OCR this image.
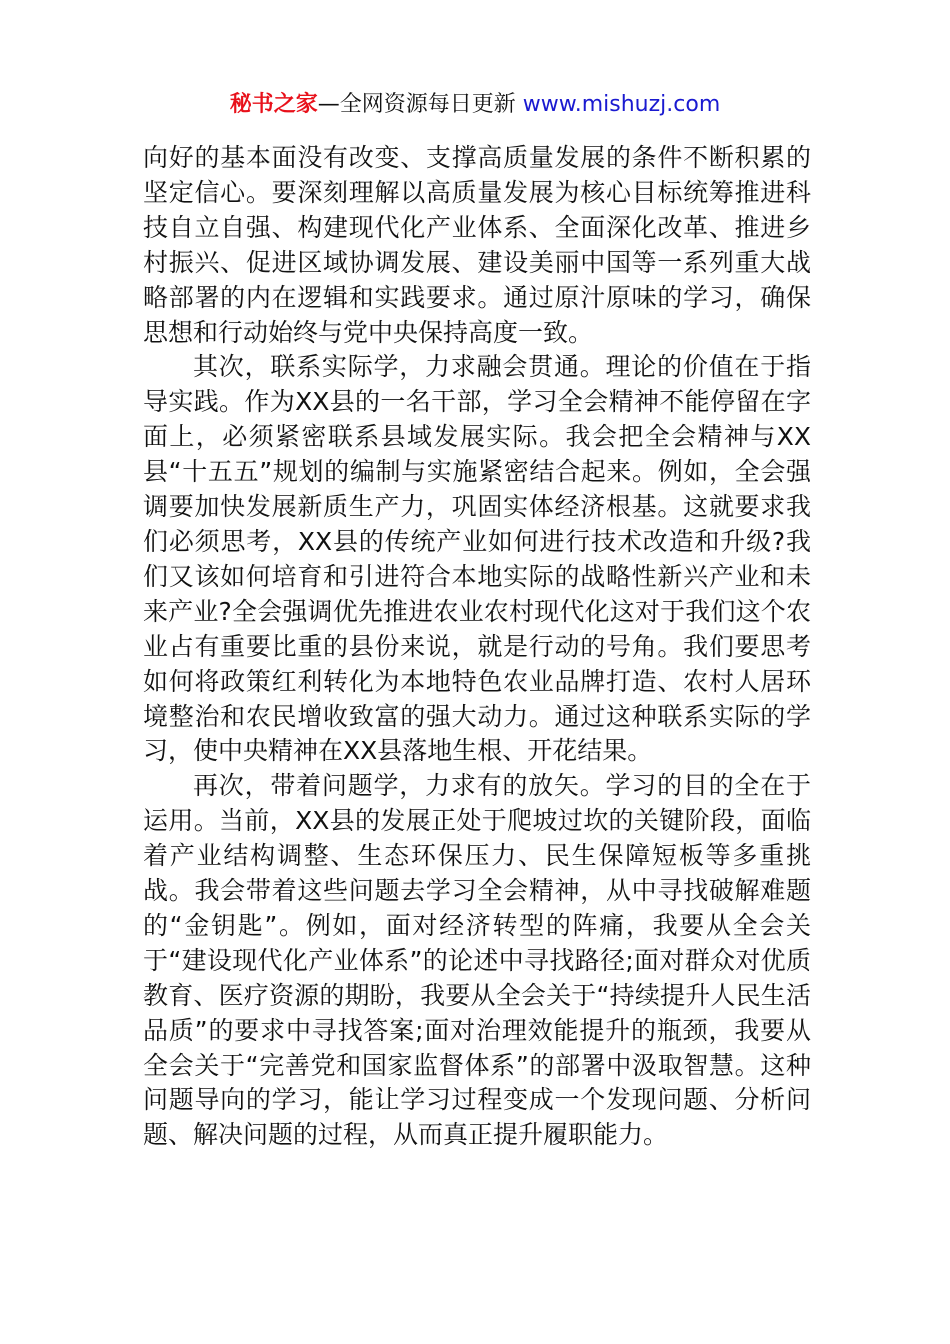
秘书之家—全网资源每日更新 www.mishuzj.com

向好的基本面没有改变、支撑高质量发展的条件不断积累的坚定信心。要深刻理解以高质量发展为核心目标统筹推进科技自立自强、构建现代化产业体系、全面深化改革、推进乡村振兴、促进区域协调发展、建设美丽中国等一系列重大战略部署的内在逻辑和实践要求。通过原汁原味的学习，确保思想和行动始终与党中央保持高度一致。

其次，联系实际学，力求融会贯通。理论的价值在于指导实践。作为XX县的一名干部，学习全会精神不能停留在字面上，必须紧密联系县域发展实际。我会把全会精神与XX县“十五五”规划的编制与实施紧密结合起来。例如，全会强调要加快发展新质生产力，巩固实体经济根基。这就要求我们必须思考，XX县的传统产业如何进行技术改造和升级?我们又该如何培育和引进符合本地实际的战略性新兴产业和未来产业?全会强调优先推进农业农村现代化这对于我们这个农业占有重要比重的县份来说，就是行动的号角。我们要思考如何将政策红利转化为本地特色农业品牌打造、农村人居环境整治和农民增收致富的强大动力。通过这种联系实际的学习，使中央精神在XX县落地生根、开花结果。

再次，带着问题学，力求有的放矢。学习的目的全在于运用。当前，XX县的发展正处于爬坡过坎的关键阶段，面临着产业结构调整、生态环保压力、民生保障短板等多重挑战。我会带着这些问题去学习全会精神，从中寻找破解难题的“金钥匙”。例如，面对经济转型的阵痛，我要从全会关于“建设现代化产业体系”的论述中寻找路径;面对群众对优质教育、医疗资源的期盼，我要从全会关于“持续提升人民生活品质”的要求中寻找答案;面对治理效能提升的瓶颈，我要从全会关于“完善党和国家监督体系”的部署中汲取智慧。这种问题导向的学习，能让学习过程变成一个发现问题、分析问题、解决问题的过程，从而真正提升履职能力。
